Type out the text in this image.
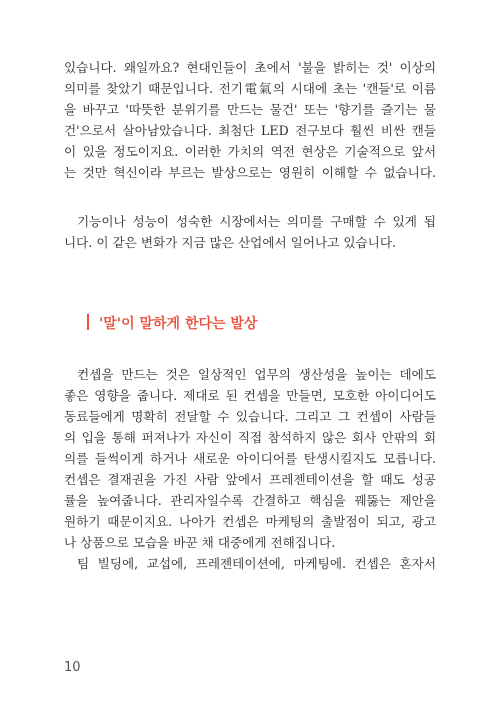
있습니다. 왜일까요? 현대인들이 초에서 '불을 밝히는 것' 이상의
의미를 찾았기 때문입니다. 전기電氣의 시대에 초는 '캔들'로 이름
을 바꾸고 '따뜻한 분위기를 만드는 물건' 또는 '향기를 즐기는 물
건'으로서 살아남았습니다. 최첨단 LED 전구보다 훨씬 비싼 캔들
이 있을 정도이지요. 이러한 가치의 역전 현상은 기술적으로 앞서
는 것만 혁신이라 부르는 발상으로는 영원히 이해할 수 없습니다.
기능이나 성능이 성숙한 시장에서는 의미를 구매할 수 있게 됩
니다. 이 같은 변화가 지금 많은 산업에서 일어나고 있습니다.
'말'이 말하게 한다는 발상
컨셉을 만드는 것은 일상적인 업무의 생산성을 높이는 데에도
좋은 영향을 줍니다. 제대로 된 컨셉을 만들면, 모호한 아이디어도
동료들에게 명확히 전달할 수 있습니다. 그리고 그 컨셉이 사람들
의 입을 통해 퍼져나가 자신이 직접 참석하지 않은 회사 안팎의 회
의를 들썩이게 하거나 새로운 아이디어를 탄생시킬지도 모릅니다.
컨셉은 결재권을 가진 사람 앞에서 프레젠테이션을 할 때도 성공
률을 높여줍니다. 관리자일수록 간결하고 핵심을 꿰뚫는 제안을
원하기 때문이지요. 나아가 컨셉은 마케팅의 출발점이 되고, 광고
나 상품으로 모습을 바꾼 채 대중에게 전해집니다.
팀 빌딩에, 교섭에, 프레젠테이션에, 마케팅에. 컨셉은 혼자서
10
